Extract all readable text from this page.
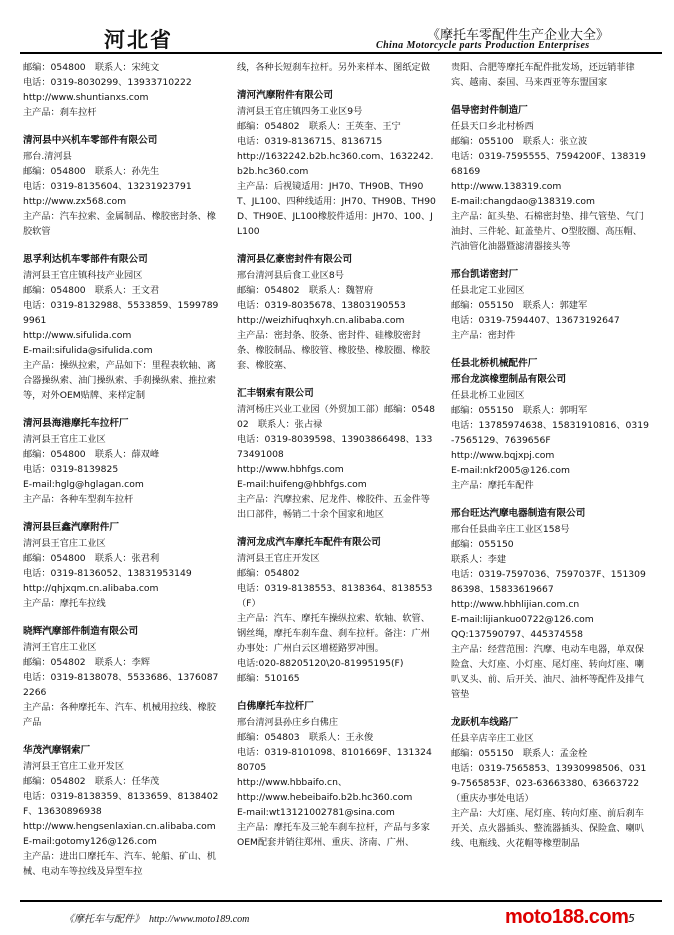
河北省	《摩托车零配件生产企业大全》
China Motorcycle parts Production Enterprises
邮编：054800　联系人：宋纯文
电话：0319-8030299、13933710222
http://www.shuntianxs.com
主产品：刹车拉杆
清河县中兴机车零部件有限公司
邢台.清河县
邮编：054800　联系人：孙先生
电话：0319-8135604、13231923791
http://www.zx568.com
主产品：汽车拉索、金属制品、橡胶密封条、橡胶软管
思孚利达机车零部件有限公司
清河县王官庄镇科技产业园区
邮编：054800　联系人：王文君
电话：0319-8132988、5533859、15997899961
http://www.sifulida.com
E-mail:sifulida@sifulida.com
主产品：操纵拉索，产品如下：里程表软轴、离合器操纵索、油门操纵索、手刹操纵索、推拉索等，对外OEM贴牌、来样定制
清河县海港摩托车拉杆厂
清河县王官庄工业区
邮编：054800　联系人：薛双峰
电话：0319-8139825
E-mail:hglg@hglagan.com
主产品：各种车型刹车拉杆
清河县巨鑫汽摩附件厂
清河县王官庄工业区
邮编：054800　联系人：张君利
电话：0319-8136052、13831953149
http://qhjxqm.cn.alibaba.com
主产品：摩托车拉线
晓辉汽摩部件制造有限公司
清河王官庄工业区
邮编：054802　联系人：李辉
电话：0319-8138078、5533686、13760872266
主产品：各种摩托车、汽车、机械用拉线、橡胶产品
华茂汽摩钢索厂
清河县王官庄工业开发区
邮编：054802　联系人：任华茂
电话：0319-8138359、8133659、8138402F、13630896938
http://www.hengsenlaxian.cn.alibaba.com
E-mail:gotomy126@126.com
主产品：进出口摩托车、汽车、轮船、矿山、机械、电动车等拉线及异型车拉
线，各种长短刹车拉杆。另外来样本、图纸定做
清河汽摩附件有限公司
清河县王官庄镇四务工业区9号
邮编：054802　联系人：王英奎、王宁
电话：0319-8136715、8136715
http://1632242.b2b.hc360.com、1632242.b2b.hc360.com
主产品：后视镜适用：JH70、TH90B、TH90T、JL100、四种线适用：JH70、TH90B、TH90D、TH90E、JL100橡胶件适用：JH70、100、JL100
清河县亿豪密封件有限公司
邢台清河县后食工业区8号
邮编：054802　联系人：魏智府
电话：0319-8035678、13803190553
http://weizhifuqhxyh.cn.alibaba.com
主产品：密封条、胶条、密封件、硅橡胶密封条、橡胶制品、橡胶管、橡胶垫、橡胶圈、橡胶套、橡胶塞、
汇丰钢索有限公司
清河杨庄兴业工业园（外贸加工部）邮编：054802　联系人：张占禄
电话：0319-8039598、13903866498、13373491008
http://www.hbhfgs.com
E-mail:huifeng@hbhfgs.com
主产品：汽摩拉索、尼龙件、橡胶件、五金件等出口部件，畅销二十余个国家和地区
清河龙成汽车摩托车配件有限公司
清河县王官庄开发区
邮编：054802
电话：0319-8138553、8138364、8138553（F）
主产品：汽车、摩托车操纵拉索、软轴、软管、钢丝绳，摩托车刹车盘、刹车拉杆。备注：广州办事处：广州白云区增槎路罗冲围。
电话:020-88205120\20-81995195(F)
邮编：510165
白佛摩托车拉杆厂
邢台清河县孙庄乡白佛庄
邮编：054803　联系人：王永俊
电话：0319-8101098、8101669F、13132480705
http://www.hbbaifo.cn、
http://www.hebeibaifo.b2b.hc360.com
E-mail:wt13121002781@sina.com
主产品：摩托车及三轮车刹车拉杆，产品与多家OEM配套并销往郑州、重庆、济南、广州、
贵阳、合肥等摩托车配件批发场，还远销菲律宾、越南、泰国、马来西亚等东盟国家
倡导密封件制造厂
任县天口乡北村桥西
邮编：055100　联系人：张立波
电话：0319-7595555、7594200F、13831968169
http://www.138319.com
E-mail:changdao@138319.com
主产品：缸头垫、石棉密封垫、排气管垫、气门油封、三件轮、缸盖垫片、O型胶圈、高压帽、汽油管化油器暨滤清器接头等
邢台凯诺密封厂
任县北定工业园区
邮编：055150　联系人：郭建军
电话：0319-7594407、13673192647
主产品：密封件
任县北桥机械配件厂
邢台龙滨橡塑制品有限公司
任县北桥工业园区
邮编：055150　联系人：郭明军
电话：13785974638、15831910816、0319-7565129、7639656F
http://www.bqjxpj.com
E-mail:nkf2005@126.com
主产品：摩托车配件
邢台旺达汽摩电器制造有限公司
邢台任县曲辛庄工业区158号
邮编：055150
联系人：李建
电话：0319-7597036、7597037F、15130986398、15833619667
http://www.hbhlijian.com.cn
E-mail:lijiankuo0722@126.com
QQ:137590797、445374558
主产品：经营范围：汽摩、电动车电器，单双保险盒、大灯座、小灯座、尾灯座、转向灯座、喇叭叉头、前、后开关、油尺、油杯等配件及排气管垫
龙跃机车线路厂
任县辛店辛庄工业区
邮编：055150　联系人：孟金栓
电话：0319-7565853、13930998506、0319-7565853F、023-63663380、63663722（重庆办事处电话）
主产品：大灯座、尾灯座、转向灯座、前后刹车开关、点火器插头、整流器插头、保险盒、喇叭线、电瓶线、火花帽等橡塑制品
《摩托车与配件》　http://www.moto189.com	moto188.com 5
